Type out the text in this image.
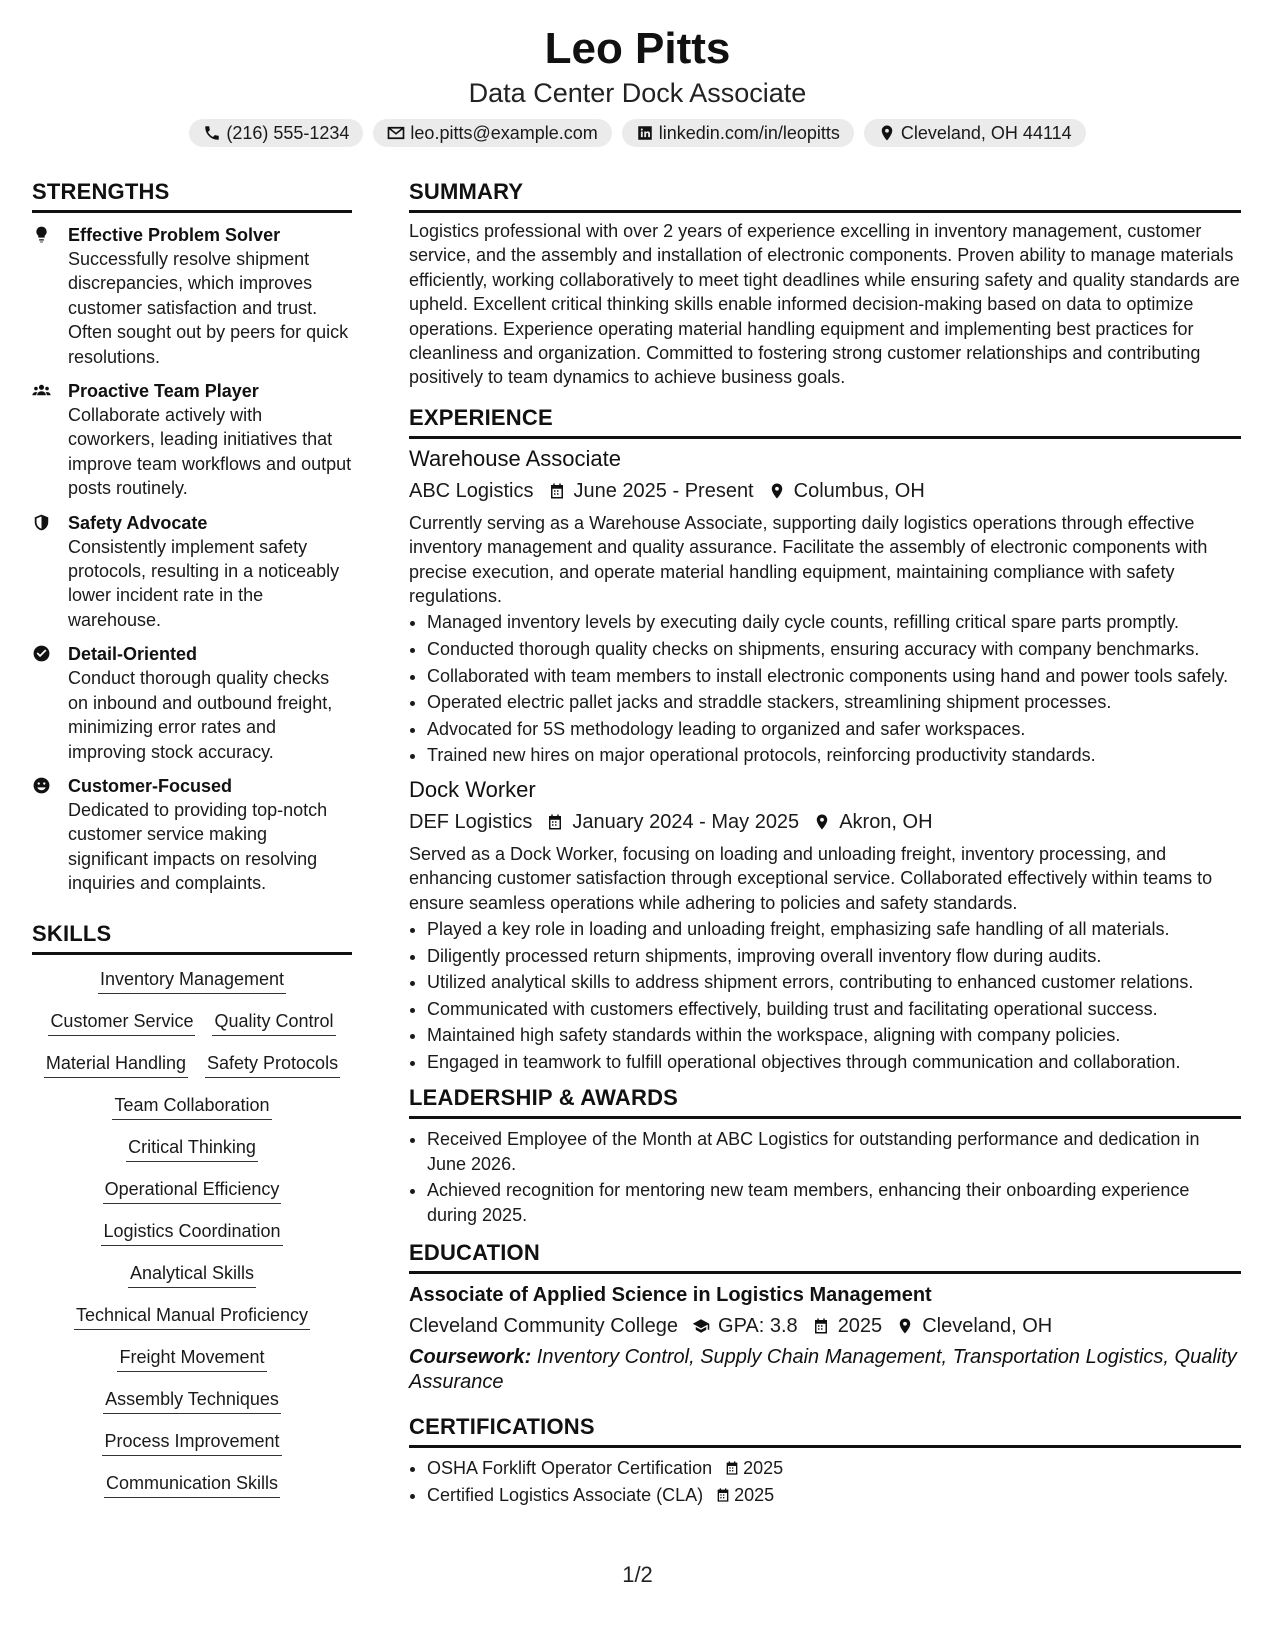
Leo Pitts
Data Center Dock Associate
(216) 555-1234	leo.pitts@example.com	linkedin.com/in/leopitts	Cleveland, OH 44114
STRENGTHS
Effective Problem Solver
Successfully resolve shipment discrepancies, which improves customer satisfaction and trust. Often sought out by peers for quick resolutions.
Proactive Team Player
Collaborate actively with coworkers, leading initiatives that improve team workflows and output posts routinely.
Safety Advocate
Consistently implement safety protocols, resulting in a noticeably lower incident rate in the warehouse.
Detail-Oriented
Conduct thorough quality checks on inbound and outbound freight, minimizing error rates and improving stock accuracy.
Customer-Focused
Dedicated to providing top-notch customer service making significant impacts on resolving inquiries and complaints.
SKILLS
Inventory Management
Customer Service Quality Control
Material Handling Safety Protocols
Team Collaboration
Critical Thinking
Operational Efficiency
Logistics Coordination
Analytical Skills
Technical Manual Proficiency
Freight Movement
Assembly Techniques
Process Improvement
Communication Skills
SUMMARY
Logistics professional with over 2 years of experience excelling in inventory management, customer service, and the assembly and installation of electronic components. Proven ability to manage materials efficiently, working collaboratively to meet tight deadlines while ensuring safety and quality standards are upheld. Excellent critical thinking skills enable informed decision-making based on data to optimize operations. Experience operating material handling equipment and implementing best practices for cleanliness and organization. Committed to fostering strong customer relationships and contributing positively to team dynamics to achieve business goals.
EXPERIENCE
Warehouse Associate
ABC Logistics June 2025 - Present Columbus, OH
Currently serving as a Warehouse Associate, supporting daily logistics operations through effective inventory management and quality assurance. Facilitate the assembly of electronic components with precise execution, and operate material handling equipment, maintaining compliance with safety regulations.
• Managed inventory levels by executing daily cycle counts, refilling critical spare parts promptly.
• Conducted thorough quality checks on shipments, ensuring accuracy with company benchmarks.
• Collaborated with team members to install electronic components using hand and power tools safely.
• Operated electric pallet jacks and straddle stackers, streamlining shipment processes.
• Advocated for 5S methodology leading to organized and safer workspaces.
• Trained new hires on major operational protocols, reinforcing productivity standards.
Dock Worker
DEF Logistics January 2024 - May 2025 Akron, OH
Served as a Dock Worker, focusing on loading and unloading freight, inventory processing, and enhancing customer satisfaction through exceptional service. Collaborated effectively within teams to ensure seamless operations while adhering to policies and safety standards.
• Played a key role in loading and unloading freight, emphasizing safe handling of all materials.
• Diligently processed return shipments, improving overall inventory flow during audits.
• Utilized analytical skills to address shipment errors, contributing to enhanced customer relations.
• Communicated with customers effectively, building trust and facilitating operational success.
• Maintained high safety standards within the workspace, aligning with company policies.
• Engaged in teamwork to fulfill operational objectives through communication and collaboration.
LEADERSHIP & AWARDS
• Received Employee of the Month at ABC Logistics for outstanding performance and dedication in June 2026.
• Achieved recognition for mentoring new team members, enhancing their onboarding experience during 2025.
EDUCATION
Associate of Applied Science in Logistics Management
Cleveland Community College GPA: 3.8 2025 Cleveland, OH
Coursework: Inventory Control, Supply Chain Management, Transportation Logistics, Quality Assurance
CERTIFICATIONS
• OSHA Forklift Operator Certification 2025
• Certified Logistics Associate (CLA) 2025
1/2
